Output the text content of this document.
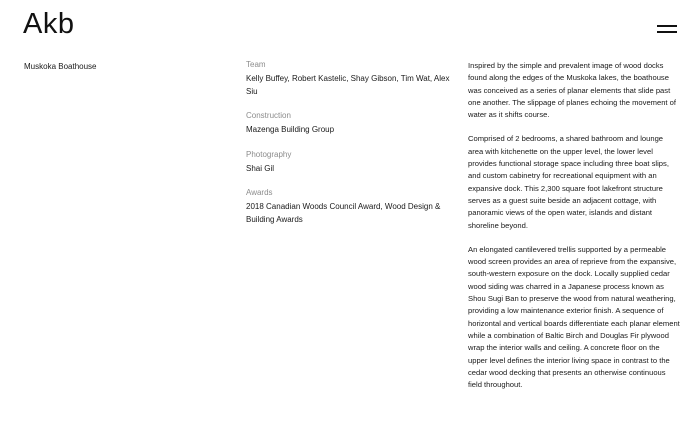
Akb
Muskoka Boathouse	Team
Kelly Buffey, Robert Kastelic, Shay Gibson, Tim Wat, Alex Siu
Construction
Mazenga Building Group
Photography
Shai Gil
Awards
2018 Canadian Woods Council Award, Wood Design & Building Awards

Inspired by the simple and prevalent image of wood docks found along the edges of the Muskoka lakes, the boathouse was conceived as a series of planar elements that slide past one another. The slippage of planes echoing the movement of water as it shifts course.

Comprised of 2 bedrooms, a shared bathroom and lounge area with kitchenette on the upper level, the lower level provides functional storage space including three boat slips, and custom cabinetry for recreational equipment with an expansive dock. This 2,300 square foot lakefront structure serves as a guest suite beside an adjacent cottage, with panoramic views of the open water, islands and distant shoreline beyond.

An elongated cantilevered trellis supported by a permeable wood screen provides an area of reprieve from the expansive, south-western exposure on the dock. Locally supplied cedar wood siding was charred in a Japanese process known as Shou Sugi Ban to preserve the wood from natural weathering, providing a low maintenance exterior finish. A sequence of horizontal and vertical boards differentiate each planar element while a combination of Baltic Birch and Douglas Fir plywood wrap the interior walls and ceiling. A concrete floor on the upper level defines the interior living space in contrast to the cedar wood decking that presents an otherwise continuous field throughout.
